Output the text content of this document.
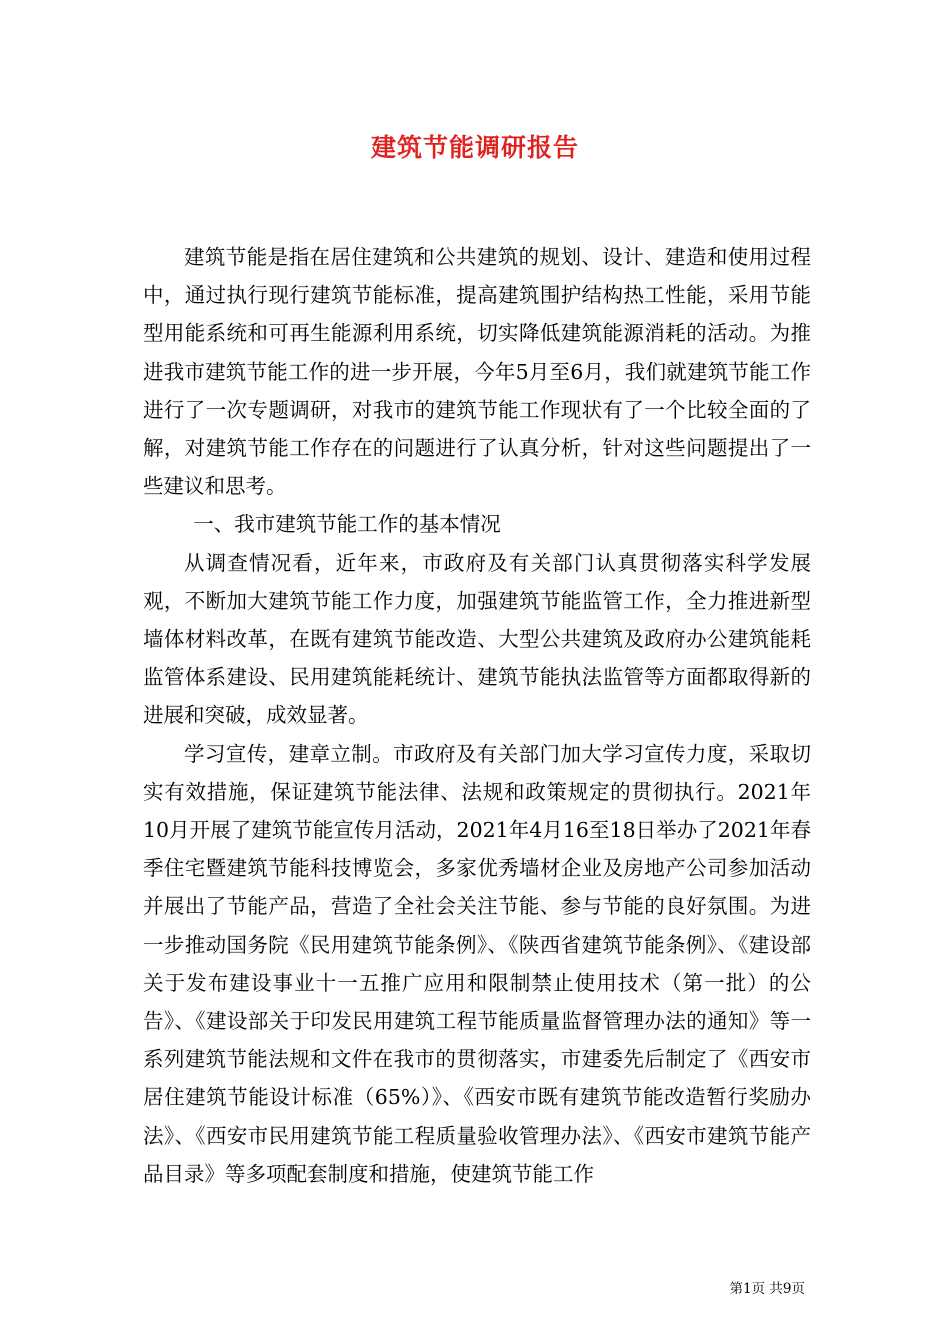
建筑节能调研报告

建筑节能是指在居住建筑和公共建筑的规划、设计、建造和使用过程中，通过执行现行建筑节能标准，提高建筑围护结构热工性能，采用节能型用能系统和可再生能源利用系统，切实降低建筑能源消耗的活动。为推进我市建筑节能工作的进一步开展，今年5月至6月，我们就建筑节能工作进行了一次专题调研，对我市的建筑节能工作现状有了一个比较全面的了解，对建筑节能工作存在的问题进行了认真分析，针对这些问题提出了一些建议和思考。

一、我市建筑节能工作的基本情况

从调查情况看，近年来，市政府及有关部门认真贯彻落实科学发展观，不断加大建筑节能工作力度，加强建筑节能监管工作，全力推进新型墙体材料改革，在既有建筑节能改造、大型公共建筑及政府办公建筑能耗监管体系建设、民用建筑能耗统计、建筑节能执法监管等方面都取得新的进展和突破，成效显著。

学习宣传，建章立制。市政府及有关部门加大学习宣传力度，采取切实有效措施，保证建筑节能法律、法规和政策规定的贯彻执行。2021年10月开展了建筑节能宣传月活动，2021年4月16至18日举办了2021年春季住宅暨建筑节能科技博览会，多家优秀墙材企业及房地产公司参加活动并展出了节能产品，营造了全社会关注节能、参与节能的良好氛围。为进一步推动国务院《民用建筑节能条例》、《陕西省建筑节能条例》、《建设部关于发布建设事业十一五推广应用和限制禁止使用技术（第一批）的公告》、《建设部关于印发民用建筑工程节能质量监督管理办法的通知》等一系列建筑节能法规和文件在我市的贯彻落实，市建委先后制定了《西安市居住建筑节能设计标准（65%）》、《西安市既有建筑节能改造暂行奖励办法》、《西安市民用建筑节能工程质量验收管理办法》、《西安市建筑节能产品目录》等多项配套制度和措施，使建筑节能工作

第1页 共9页
